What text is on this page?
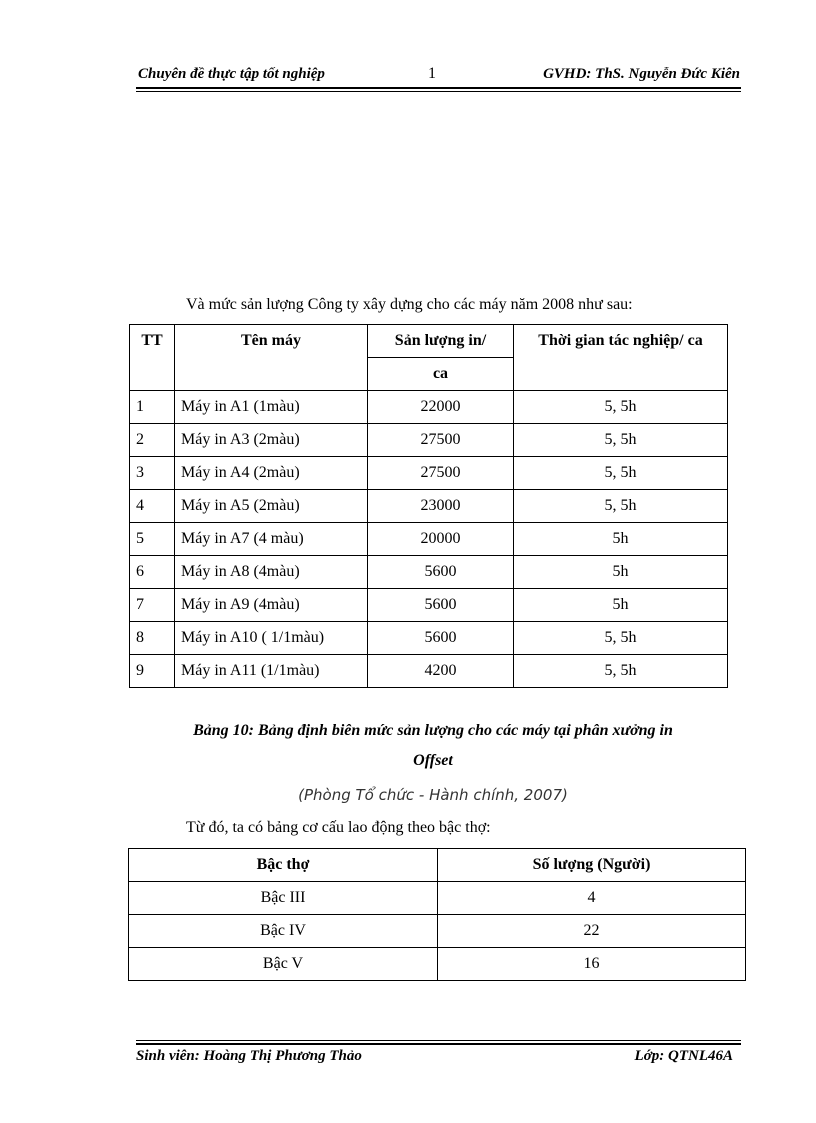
Chuyên đề thực tập tốt nghiệp	1	GVHD: ThS. Nguyễn Đức Kiên
Và mức sản lượng Công ty xây dựng cho các máy năm 2008 như sau:
TT	Tên máy	Sản lượng in/	Thời gian tác nghiệp/ ca
		ca	
1	Máy in A1 (1màu)	22000	5, 5h
2	Máy in A3 (2màu)	27500	5, 5h
3	Máy in A4 (2màu)	27500	5, 5h
4	Máy in A5 (2màu)	23000	5, 5h
5	Máy in A7 (4 màu)	20000	5h
6	Máy in A8 (4màu)	5600	5h
7	Máy in A9 (4màu)	5600	5h
8	Máy in A10 ( 1/1màu)	5600	5, 5h
9	Máy in A11 (1/1màu)	4200	5, 5h
Bảng 10: Bảng định biên mức sản lượng cho các máy tại phân xưởng in
Offset
(Phòng Tổ chức - Hành chính, 2007)
Từ đó, ta có bảng cơ cấu lao động theo bậc thợ:
Bậc thợ	Số lượng (Người)
Bậc III	4
Bậc IV	22
Bậc V	16
Sinh viên: Hoàng Thị Phương Thảo	Lớp: QTNL46A
